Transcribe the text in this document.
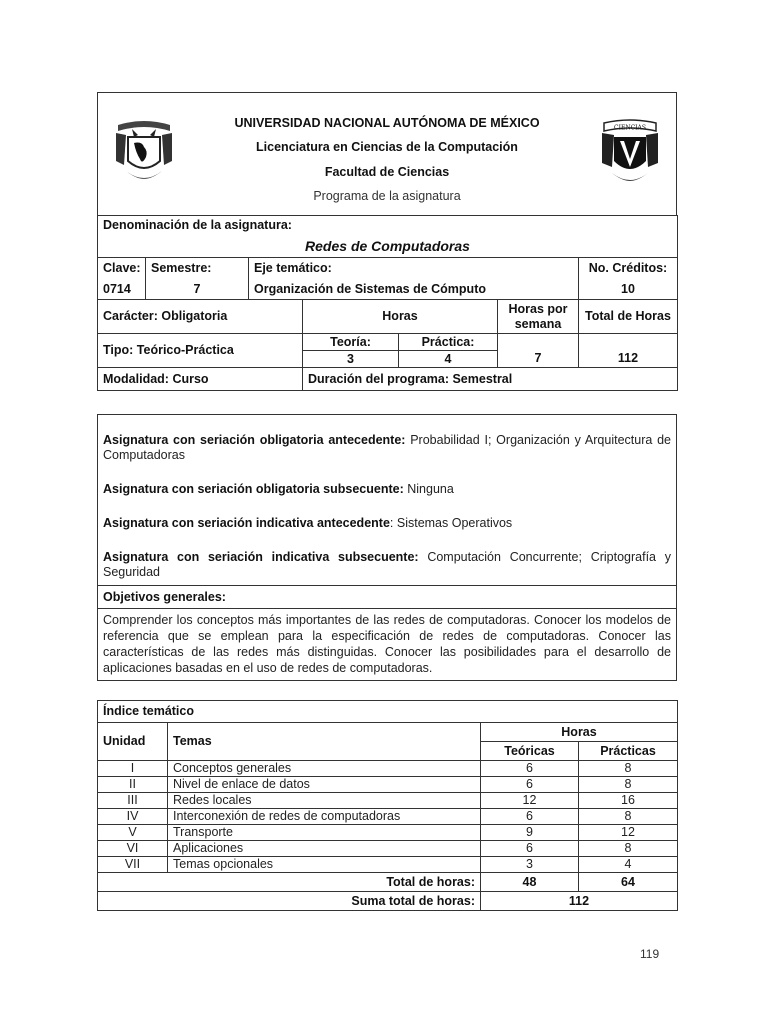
CIENCIAS
UNIVERSIDAD NACIONAL AUTÓNOMA DE MÉXICO
Licenciatura en Ciencias de la Computación
Facultad de Ciencias
Programa de la asignatura
Denominación de la asignatura:						
Redes de Computadoras						
Clave:	Semestre:	Eje temático:				No. Créditos:
0714	7	Organización de Sistemas de Cómputo				10
Carácter: Obligatoria			Horas		Horas por semana	Total de Horas
Tipo: Teórico-Práctica			Teoría:	Práctica:	7	112
			3	4		
Modalidad: Curso			Duración del programa: Semestral			
Asignatura con seriación obligatoria antecedente: Probabilidad I; Organización y Arquitectura de Computadoras
Asignatura con seriación obligatoria subsecuente: Ninguna
Asignatura con seriación indicativa antecedente: Sistemas Operativos
Asignatura con seriación indicativa subsecuente: Computación Concurrente; Criptografía y Seguridad
Objetivos generales:
Comprender los conceptos más importantes de las redes de computadoras. Conocer los modelos de referencia que se emplean para la especificación de redes de computadoras. Conocer las características de las redes más distinguidas. Conocer las posibilidades para el desarrollo de aplicaciones basadas en el uso de redes de computadoras.
Índice temático			
Unidad	Temas	Horas	
		Teóricas	Prácticas
I	Conceptos generales	6	8
II	Nivel de enlace de datos	6	8
III	Redes locales	12	16
IV	Interconexión de redes de computadoras	6	8
V	Transporte	9	12
VI	Aplicaciones	6	8
VII	Temas opcionales	3	4
Total de horas:		48	64
Suma total de horas:		112	
119
